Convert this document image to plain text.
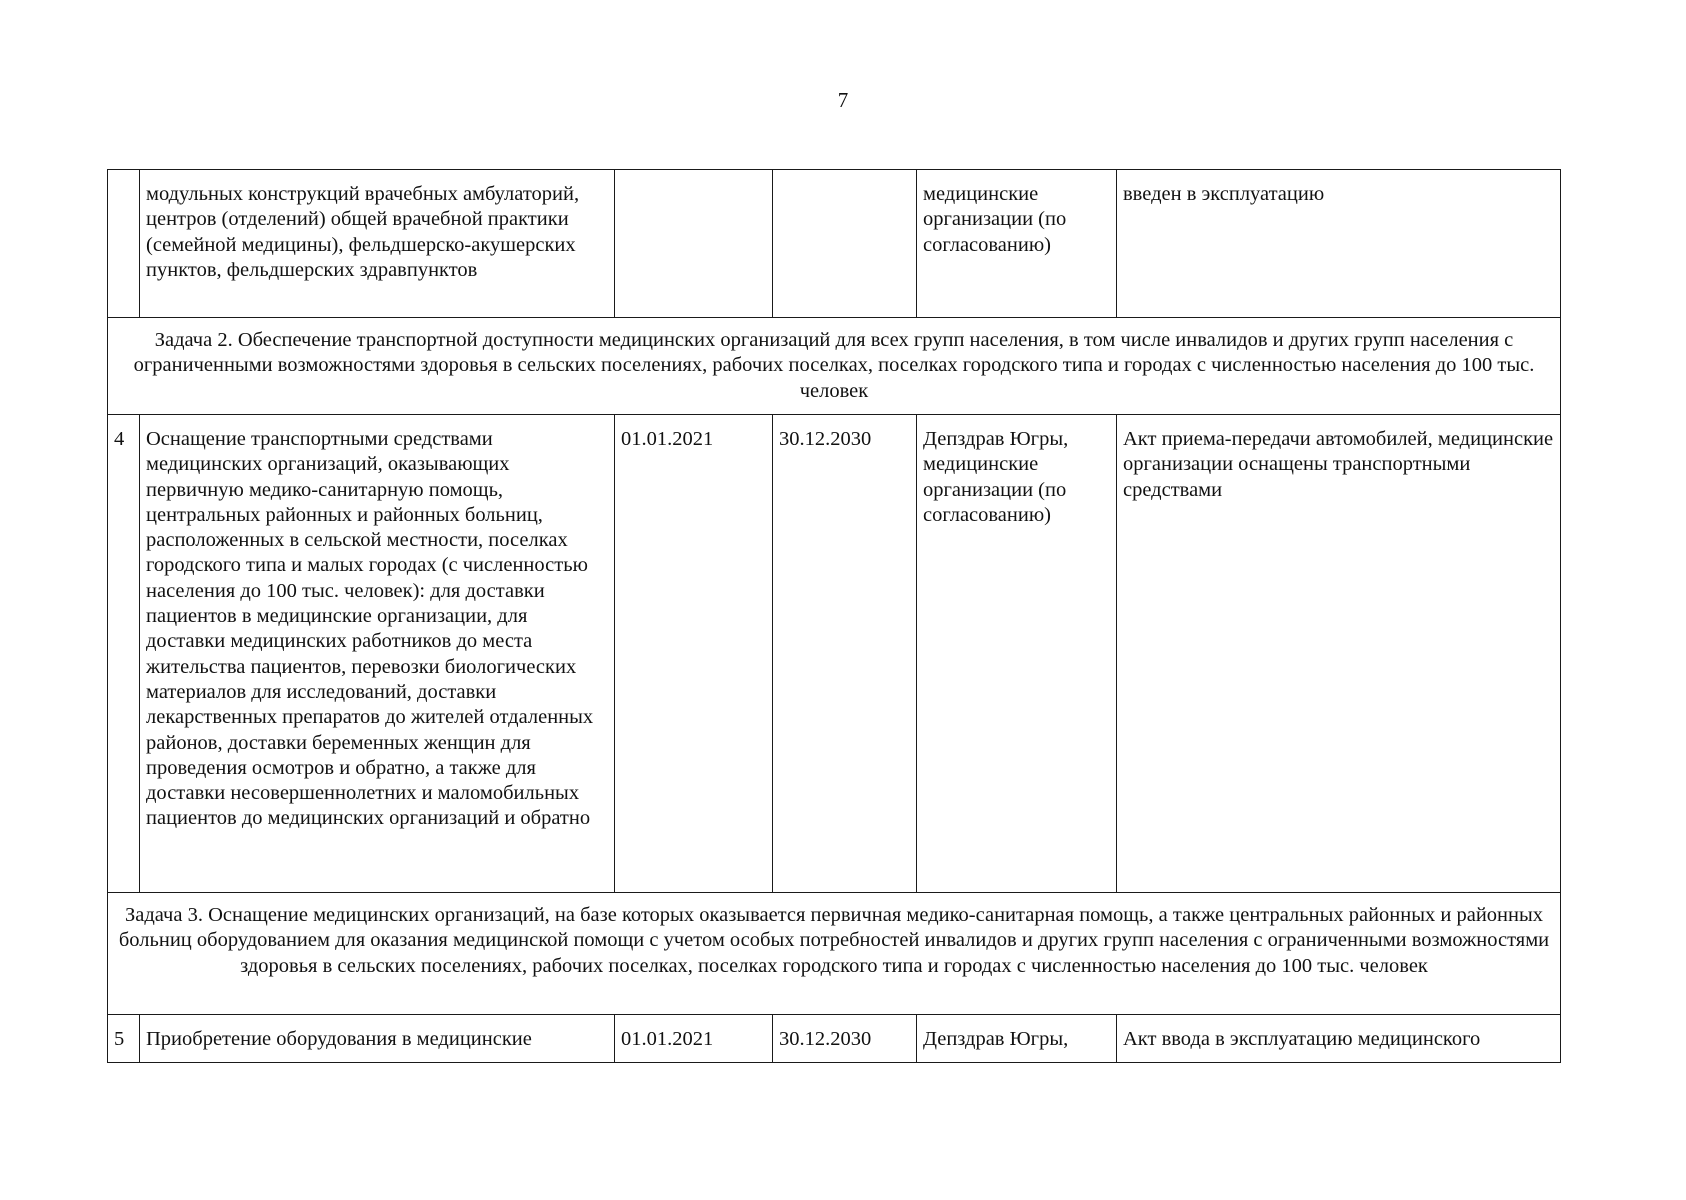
7
	модульных конструкций врачебных амбулаторий, центров (отделений) общей врачебной практики (семейной медицины), фельдшерско-акушерских пунктов, фельдшерских здравпунктов			медицинские организации (по согласованию)	введен в эксплуатацию
Задача 2. Обеспечение транспортной доступности медицинских организаций для всех групп населения, в том числе инвалидов и других групп населения с ограниченными возможностями здоровья в сельских поселениях, рабочих поселках, поселках городского типа и городах с численностью населения до 100 тыс. человек					
4	Оснащение транспортными средствами медицинских организаций, оказывающих первичную медико-санитарную помощь, центральных районных и районных больниц, расположенных в сельской местности, поселках городского типа и малых городах (с численностью населения до 100 тыс. человек): для доставки пациентов в медицинские организации, для доставки медицинских работников до места жительства пациентов, перевозки биологических материалов для исследований, доставки лекарственных препаратов до жителей отдаленных районов, доставки беременных женщин для проведения осмотров и обратно, а также для доставки несовершеннолетних и маломобильных пациентов до медицинских организаций и обратно	01.01.2021	30.12.2030	Депздрав Югры, медицинские организации (по согласованию)	Акт приема-передачи автомобилей, медицинские организации оснащены транспортными средствами
Задача 3. Оснащение медицинских организаций, на базе которых оказывается первичная медико-санитарная помощь, а также центральных районных и районных больниц оборудованием для оказания медицинской помощи с учетом особых потребностей инвалидов и других групп населения с ограниченными возможностями здоровья в сельских поселениях, рабочих поселках, поселках городского типа и городах с численностью населения до 100 тыс. человек					
5	Приобретение оборудования в медицинские	01.01.2021	30.12.2030	Депздрав Югры,	Акт ввода в эксплуатацию медицинского
